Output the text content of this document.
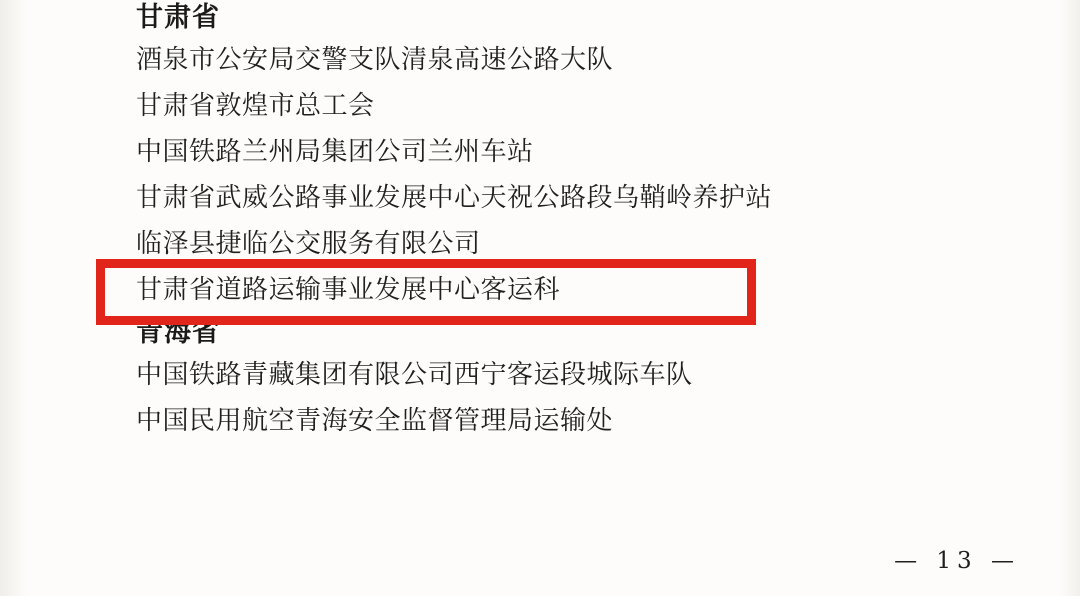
甘肃省
酒泉市公安局交警支队清泉高速公路大队
甘肃省敦煌市总工会
中国铁路兰州局集团公司兰州车站
甘肃省武威公路事业发展中心天祝公路段乌鞘岭养护站
临泽县捷临公交服务有限公司
甘肃省道路运输事业发展中心客运科
青海省
中国铁路青藏集团有限公司西宁客运段城际车队
中国民用航空青海安全监督管理局运输处
— 13 —
